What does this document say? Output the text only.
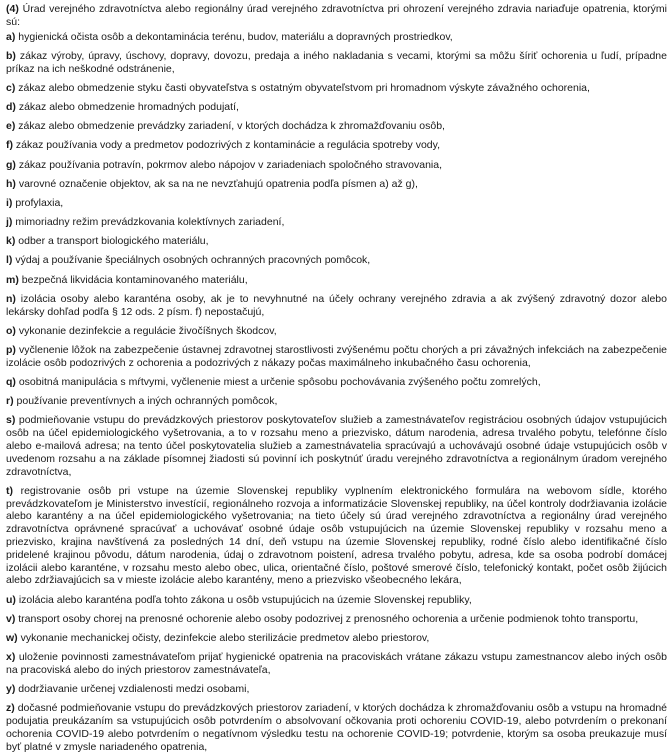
(4) Úrad verejného zdravotníctva alebo regionálny úrad verejného zdravotníctva pri ohrození verejného zdravia nariaďuje opatrenia, ktorými sú:

a) hygienická očista osôb a dekontaminácia terénu, budov, materiálu a dopravných prostriedkov,

b) zákaz výroby, úpravy, úschovy, dopravy, dovozu, predaja a iného nakladania s vecami, ktorými sa môžu šíriť ochorenia u ľudí, prípadne príkaz na ich neškodné odstránenie,

c) zákaz alebo obmedzenie styku časti obyvateľstva s ostatným obyvateľstvom pri hromadnom výskyte závažného ochorenia,

d) zákaz alebo obmedzenie hromadných podujatí,

e) zákaz alebo obmedzenie prevádzky zariadení, v ktorých dochádza k zhromažďovaniu osôb,

f) zákaz používania vody a predmetov podozrivých z kontaminácie a regulácia spotreby vody,

g) zákaz používania potravín, pokrmov alebo nápojov v zariadeniach spoločného stravovania,

h) varovné označenie objektov, ak sa na ne nevzťahujú opatrenia podľa písmen a) až g),

i) profylaxia,

j) mimoriadny režim prevádzkovania kolektívnych zariadení,

k) odber a transport biologického materiálu,

l) výdaj a používanie špeciálnych osobných ochranných pracovných pomôcok,

m) bezpečná likvidácia kontaminovaného materiálu,

n) izolácia osoby alebo karanténa osoby, ak je to nevyhnutné na účely ochrany verejného zdravia a ak zvýšený zdravotný dozor alebo lekársky dohľad podľa § 12 ods. 2 písm. f) nepostačujú,

o) vykonanie dezinfekcie a regulácie živočíšnych škodcov,

p) vyčlenenie lôžok na zabezpečenie ústavnej zdravotnej starostlivosti zvýšenému počtu chorých a pri závažných infekciách na zabezpečenie izolácie osôb podozrivých z ochorenia a podozrivých z nákazy počas maximálneho inkubačného času ochorenia,

q) osobitná manipulácia s mŕtvymi, vyčlenenie miest a určenie spôsobu pochovávania zvýšeného počtu zomrelých,

r) používanie preventívnych a iných ochranných pomôcok,

s) podmieňovanie vstupu do prevádzkových priestorov poskytovateľov služieb a zamestnávateľov registráciou osobných údajov vstupujúcich osôb na účel epidemiologického vyšetrovania, a to v rozsahu meno a priezvisko, dátum narodenia, adresa trvalého pobytu, telefónne číslo alebo e-mailová adresa; na tento účel poskytovatelia služieb a zamestnávatelia spracúvajú a uchovávajú osobné údaje vstupujúcich osôb v uvedenom rozsahu a na základe písomnej žiadosti sú povinní ich poskytnúť úradu verejného zdravotníctva a regionálnym úradom verejného zdravotníctva,

t) registrovanie osôb pri vstupe na územie Slovenskej republiky vyplnením elektronického formulára na webovom sídle, ktorého prevádzkovateľom je Ministerstvo investícií, regionálneho rozvoja a informatizácie Slovenskej republiky, na účel kontroly dodržiavania izolácie alebo karantény a na účel epidemiologického vyšetrovania; na tieto účely sú úrad verejného zdravotníctva a regionálny úrad verejného zdravotníctva oprávnené spracúvať a uchovávať osobné údaje osôb vstupujúcich na územie Slovenskej republiky v rozsahu meno a priezvisko, krajina navštívená za posledných 14 dní, deň vstupu na územie Slovenskej republiky, rodné číslo alebo identifikačné číslo pridelené krajinou pôvodu, dátum narodenia, údaj o zdravotnom poistení, adresa trvalého pobytu, adresa, kde sa osoba podrobí domácej izolácii alebo karanténe, v rozsahu mesto alebo obec, ulica, orientačné číslo, poštové smerové číslo, telefonický kontakt, počet osôb žijúcich alebo zdržiavajúcich sa v mieste izolácie alebo karantény, meno a priezvisko všeobecného lekára,

u) izolácia alebo karanténa podľa tohto zákona u osôb vstupujúcich na územie Slovenskej republiky,

v) transport osoby chorej na prenosné ochorenie alebo osoby podozrivej z prenosného ochorenia a určenie podmienok tohto transportu,

w) vykonanie mechanickej očisty, dezinfekcie alebo sterilizácie predmetov alebo priestorov,

x) uloženie povinnosti zamestnávateľom prijať hygienické opatrenia na pracoviskách vrátane zákazu vstupu zamestnancov alebo iných osôb na pracoviská alebo do iných priestorov zamestnávateľa,

y) dodržiavanie určenej vzdialenosti medzi osobami,

z) dočasné podmieňovanie vstupu do prevádzkových priestorov zariadení, v ktorých dochádza k zhromažďovaniu osôb a vstupu na hromadné podujatia preukázaním sa vstupujúcich osôb potvrdením o absolvovaní očkovania proti ochoreniu COVID-19, alebo potvrdením o prekonaní ochorenia COVID-19 alebo potvrdením o negatívnom výsledku testu na ochorenie COVID-19; potvrdenie, ktorým sa osoba preukazuje musí byť platné v zmysle nariadeného opatrenia,
